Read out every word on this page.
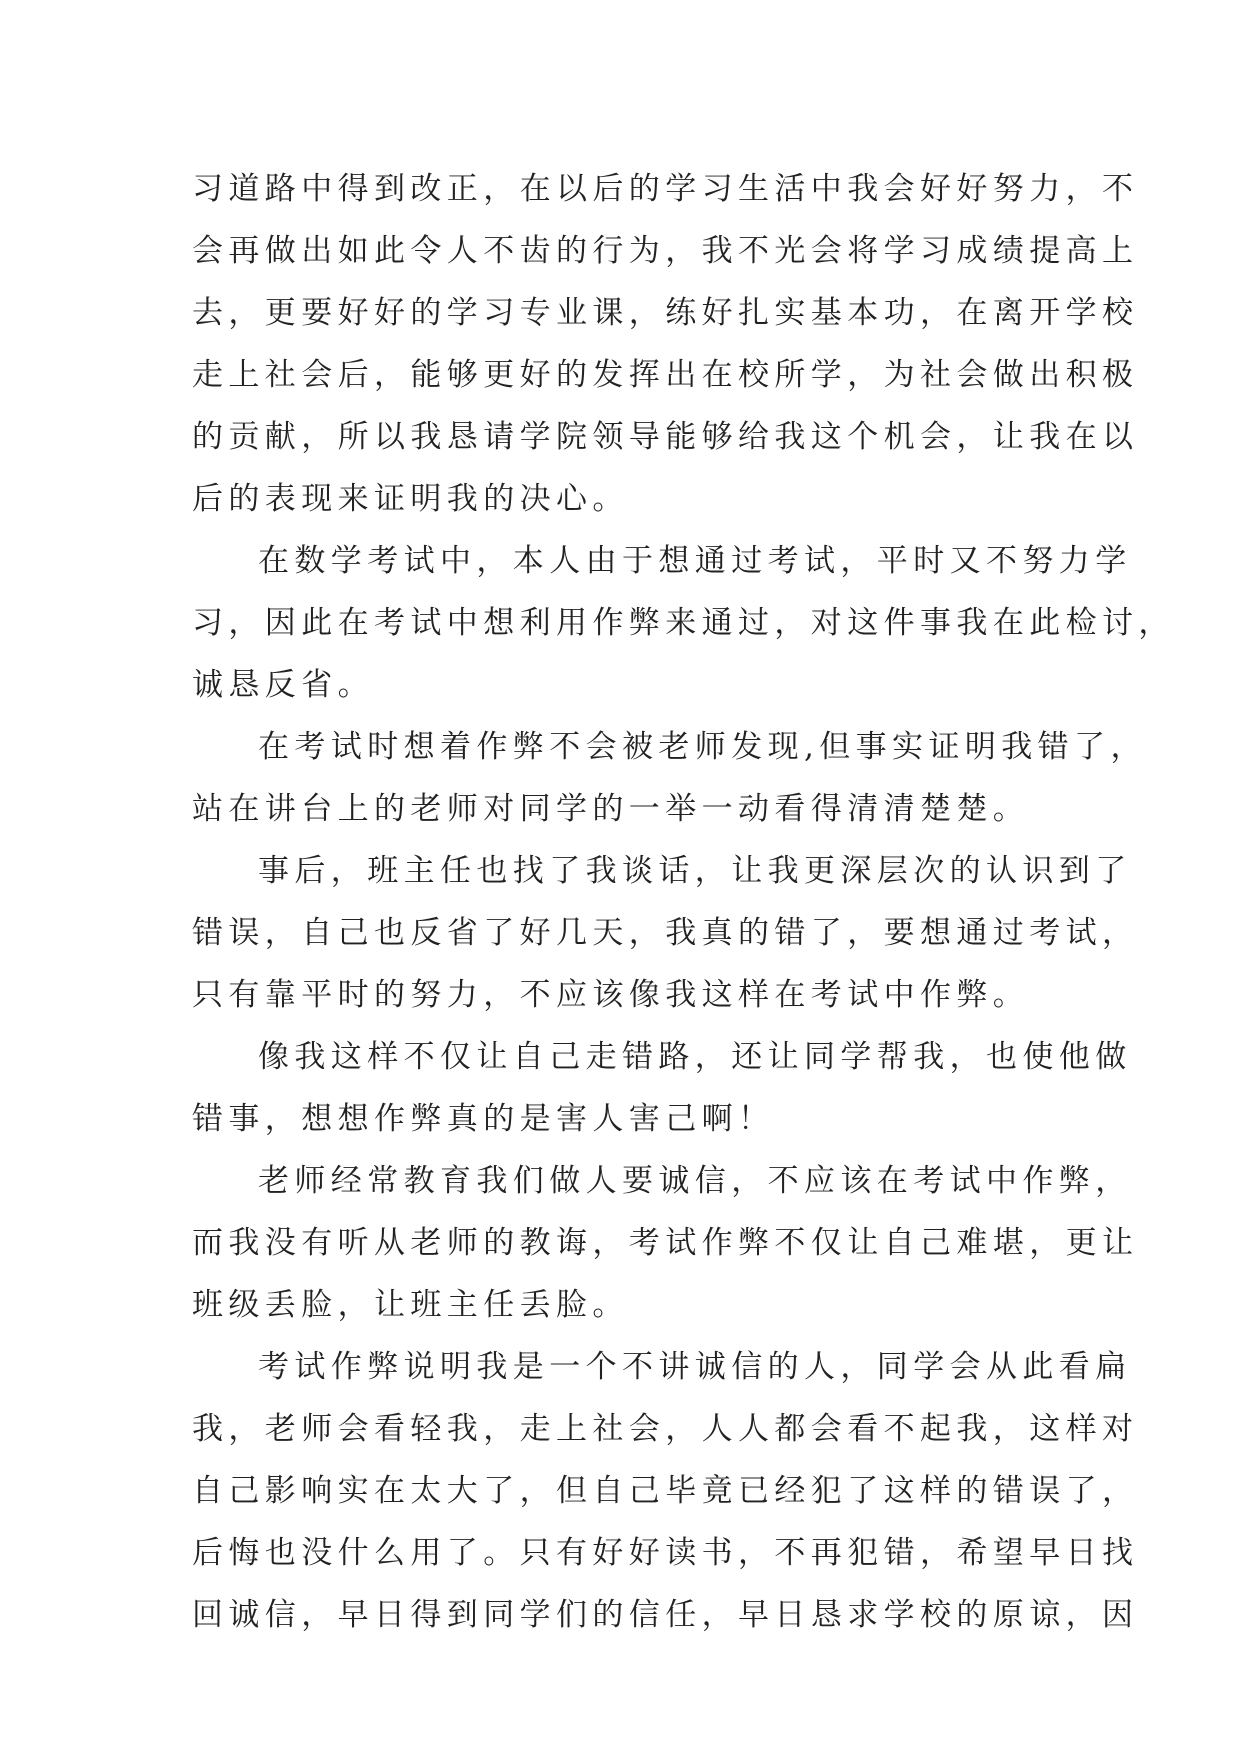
习道路中得到改正，在以后的学习生活中我会好好努力，不
会再做出如此令人不齿的行为，我不光会将学习成绩提高上
去，更要好好的学习专业课，练好扎实基本功，在离开学校
走上社会后，能够更好的发挥出在校所学，为社会做出积极
的贡献，所以我恳请学院领导能够给我这个机会，让我在以
后的表现来证明我的决心。
在数学考试中，本人由于想通过考试，平时又不努力学
习，因此在考试中想利用作弊来通过，对这件事我在此检讨，
诚恳反省。
在考试时想着作弊不会被老师发现,但事实证明我错了，
站在讲台上的老师对同学的一举一动看得清清楚楚。
事后，班主任也找了我谈话，让我更深层次的认识到了
错误，自己也反省了好几天，我真的错了，要想通过考试，
只有靠平时的努力，不应该像我这样在考试中作弊。
像我这样不仅让自己走错路，还让同学帮我，也使他做
错事，想想作弊真的是害人害己啊！
老师经常教育我们做人要诚信，不应该在考试中作弊，
而我没有听从老师的教诲，考试作弊不仅让自己难堪，更让
班级丢脸，让班主任丢脸。
考试作弊说明我是一个不讲诚信的人，同学会从此看扁
我，老师会看轻我，走上社会，人人都会看不起我，这样对
自己影响实在太大了，但自己毕竟已经犯了这样的错误了，
后悔也没什么用了。只有好好读书，不再犯错，希望早日找
回诚信，早日得到同学们的信任，早日恳求学校的原谅，因
